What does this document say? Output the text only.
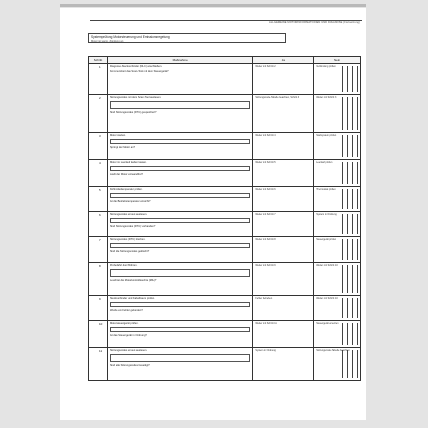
ALLGEMEINE MOTORINFORMATIONEN UND DIAGNOSE (Fortsetzung)
Systemprüfung Motorsteuerung und Emissionsregelung
Motor ist warm, Zündung an
Schritt	Maßnahme	Ja	Nein
1	Diagnose-Steckverbinder (DLC) anschließen.
Kommuniziert das Scan-Tool mit dem Steuergerät?
Weiter mit Schritt 2	Verbindung prüfen
2	Störungscodes mit dem Scan-Tool auslesen.
Sind Störungscodes (DTC) gespeichert?
Störungscode-Tabelle beachten, Schritt 3	Weiter mit Schritt 3
3	Motor starten.
Springt der Motor an?
Weiter mit Schritt 4	Startsystem prüfen
4	Motor im Leerlauf laufen lassen.
Läuft der Motor einwandfrei?
Weiter mit Schritt 5	Leerlauf prüfen
5	Kühlmitteltemperatur prüfen.
Ist die Betriebstemperatur erreicht?
Weiter mit Schritt 6	Thermostat prüfen
6	Störungscodes erneut auslesen.
Sind Störungscodes (DTC) vorhanden?
Weiter mit Schritt 7	System in Ordnung
7	Störungscodes (DTC) löschen.
Sind die Störungscodes gelöscht?
Weiter mit Schritt 8	Steuergerät prüfen
8	Probefahrt durchführen.
Leuchtet die Motorkontrollleuchte (MIL)?
Weiter mit Schritt 9	Weiter mit Schritt 10
9	Steckverbinder und Kabelbaum prüfen.
Wurde ein Fehler gefunden?
Fehler beheben	Weiter mit Schritt 10
10	Motorsteuergerät prüfen.
Ist das Steuergerät in Ordnung?
Weiter mit Schritt 11	Steuergerät ersetzen
11	Störungscodes erneut auslesen.
Sind alle Störungscodes beseitigt?
System in Ordnung	Störungscode-Tabelle beachten
